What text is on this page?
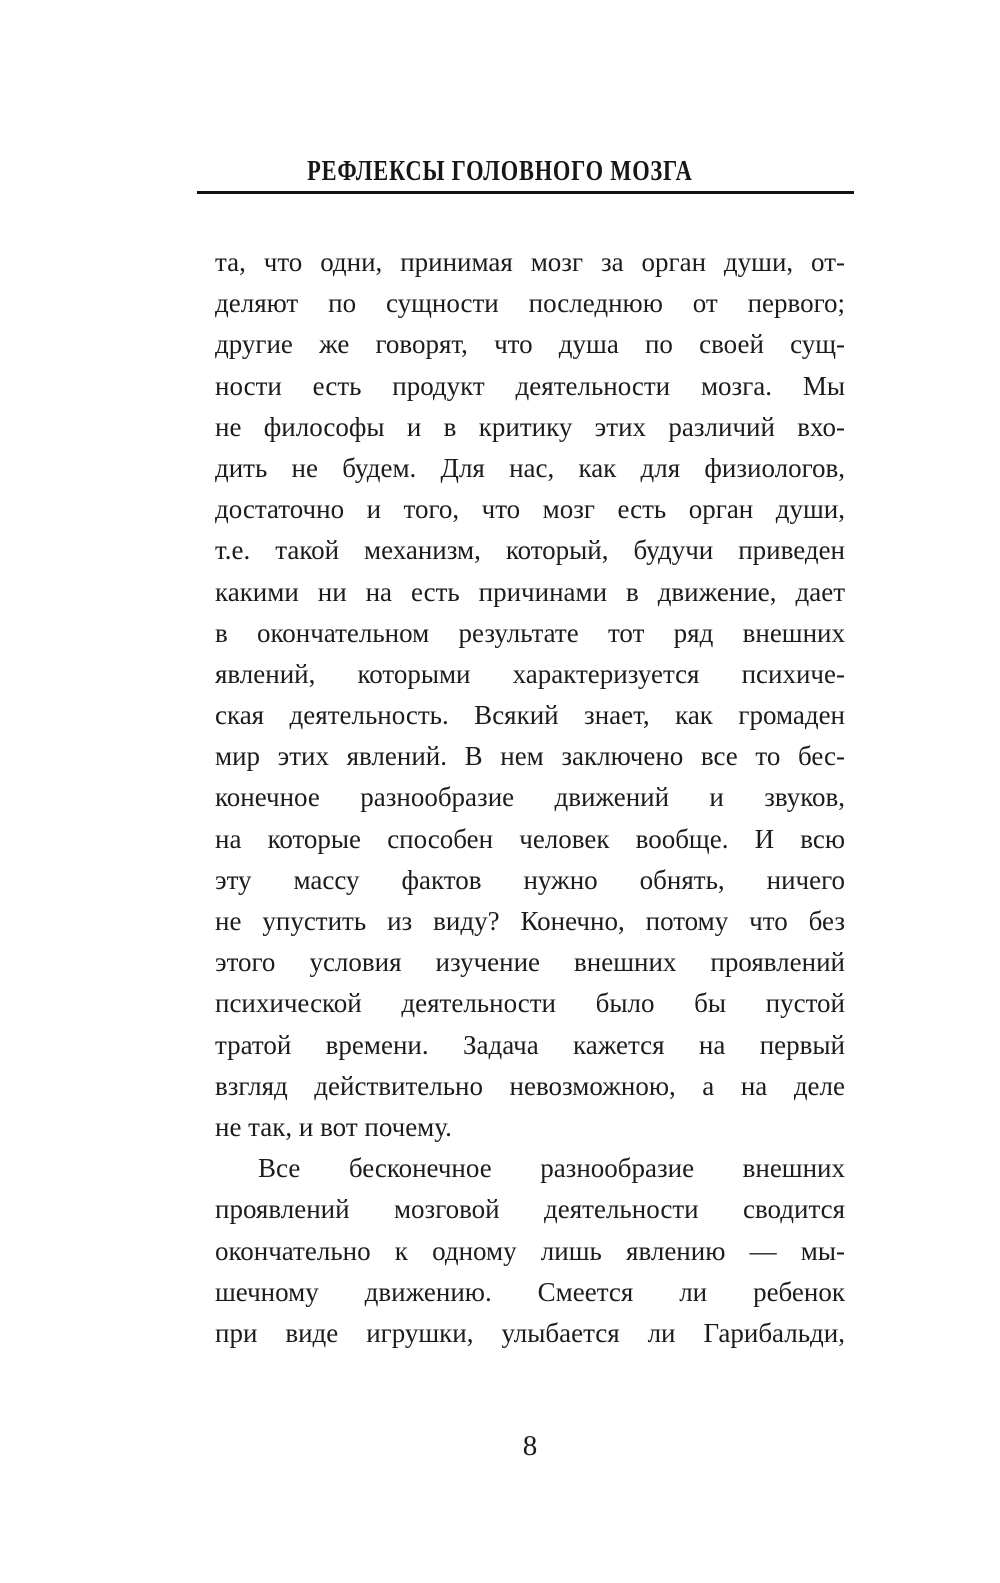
РЕФЛЕКСЫ ГОЛОВНОГО МОЗГА
та, что одни, принимая мозг за орган души, от-
деляют по сущности последнюю от первого;
другие же говорят, что душа по своей сущ-
ности есть продукт деятельности мозга. Мы
не философы и в критику этих различий вхо-
дить не будем. Для нас, как для физиологов,
достаточно и того, что мозг есть орган души,
т.е. такой механизм, который, будучи приведен
какими ни на есть причинами в движение, дает
в окончательном результате тот ряд внешних
явлений, которыми характеризуется психиче-
ская деятельность. Всякий знает, как громаден
мир этих явлений. В нем заключено все то бес-
конечное разнообразие движений и звуков,
на которые способен человек вообще. И всю
эту массу фактов нужно обнять, ничего
не упустить из виду? Конечно, потому что без
этого условия изучение внешних проявлений
психической деятельности было бы пустой
тратой времени. Задача кажется на первый
взгляд действительно невозможною, а на деле
не так, и вот почему.
Все бесконечное разнообразие внешних
проявлений мозговой деятельности сводится
окончательно к одному лишь явлению — мы-
шечному движению. Смеется ли ребенок
при виде игрушки, улыбается ли Гарибальди,
8
